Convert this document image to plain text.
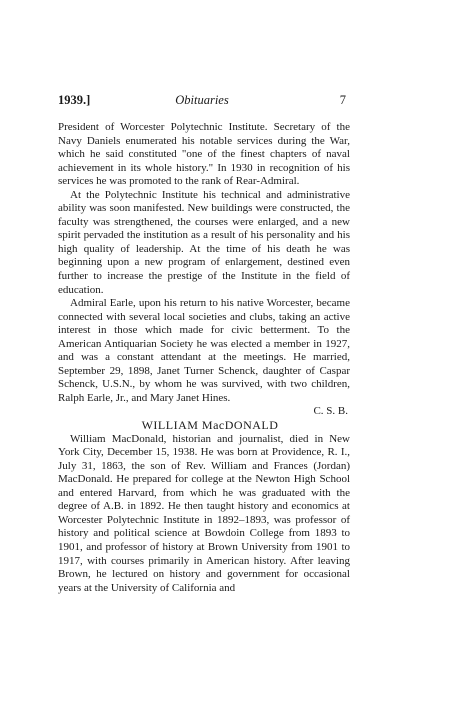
1939.]	Obituaries	7

President of Worcester Polytechnic Institute. Secretary of the Navy Daniels enumerated his notable services during the War, which he said constituted "one of the finest chapters of naval achievement in its whole history." In 1930 in recognition of his services he was promoted to the rank of Rear-Admiral.

At the Polytechnic Institute his technical and administrative ability was soon manifested. New buildings were constructed, the faculty was strengthened, the courses were enlarged, and a new spirit pervaded the institution as a result of his personality and his high quality of leadership. At the time of his death he was beginning upon a new program of enlargement, destined even further to increase the prestige of the Institute in the field of education.

Admiral Earle, upon his return to his native Worcester, became connected with several local societies and clubs, taking an active interest in those which made for civic betterment. To the American Antiquarian Society he was elected a member in 1927, and was a constant attendant at the meetings. He married, September 29, 1898, Janet Turner Schenck, daughter of Caspar Schenck, U.S.N., by whom he was survived, with two children, Ralph Earle, Jr., and Mary Janet Hines.

C. S. B.

WILLIAM MacDONALD

William MacDonald, historian and journalist, died in New York City, December 15, 1938. He was born at Providence, R. I., July 31, 1863, the son of Rev. William and Frances (Jordan) MacDonald. He prepared for college at the Newton High School and entered Harvard, from which he was graduated with the degree of A.B. in 1892. He then taught history and economics at Worcester Polytechnic Institute in 1892–1893, was professor of history and political science at Bowdoin College from 1893 to 1901, and professor of history at Brown University from 1901 to 1917, with courses primarily in American history. After leaving Brown, he lectured on history and government for occasional years at the University of California and
